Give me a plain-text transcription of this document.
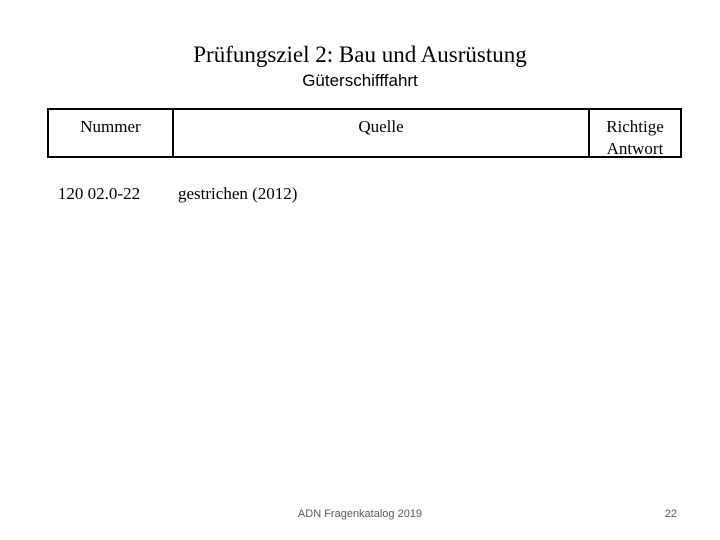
Prüfungsziel 2: Bau und Ausrüstung
Güterschifffahrt
Nummer	Quelle	Richtige
Antwort
120 02.0-22	gestrichen (2012)
ADN Fragenkatalog 2019	22
